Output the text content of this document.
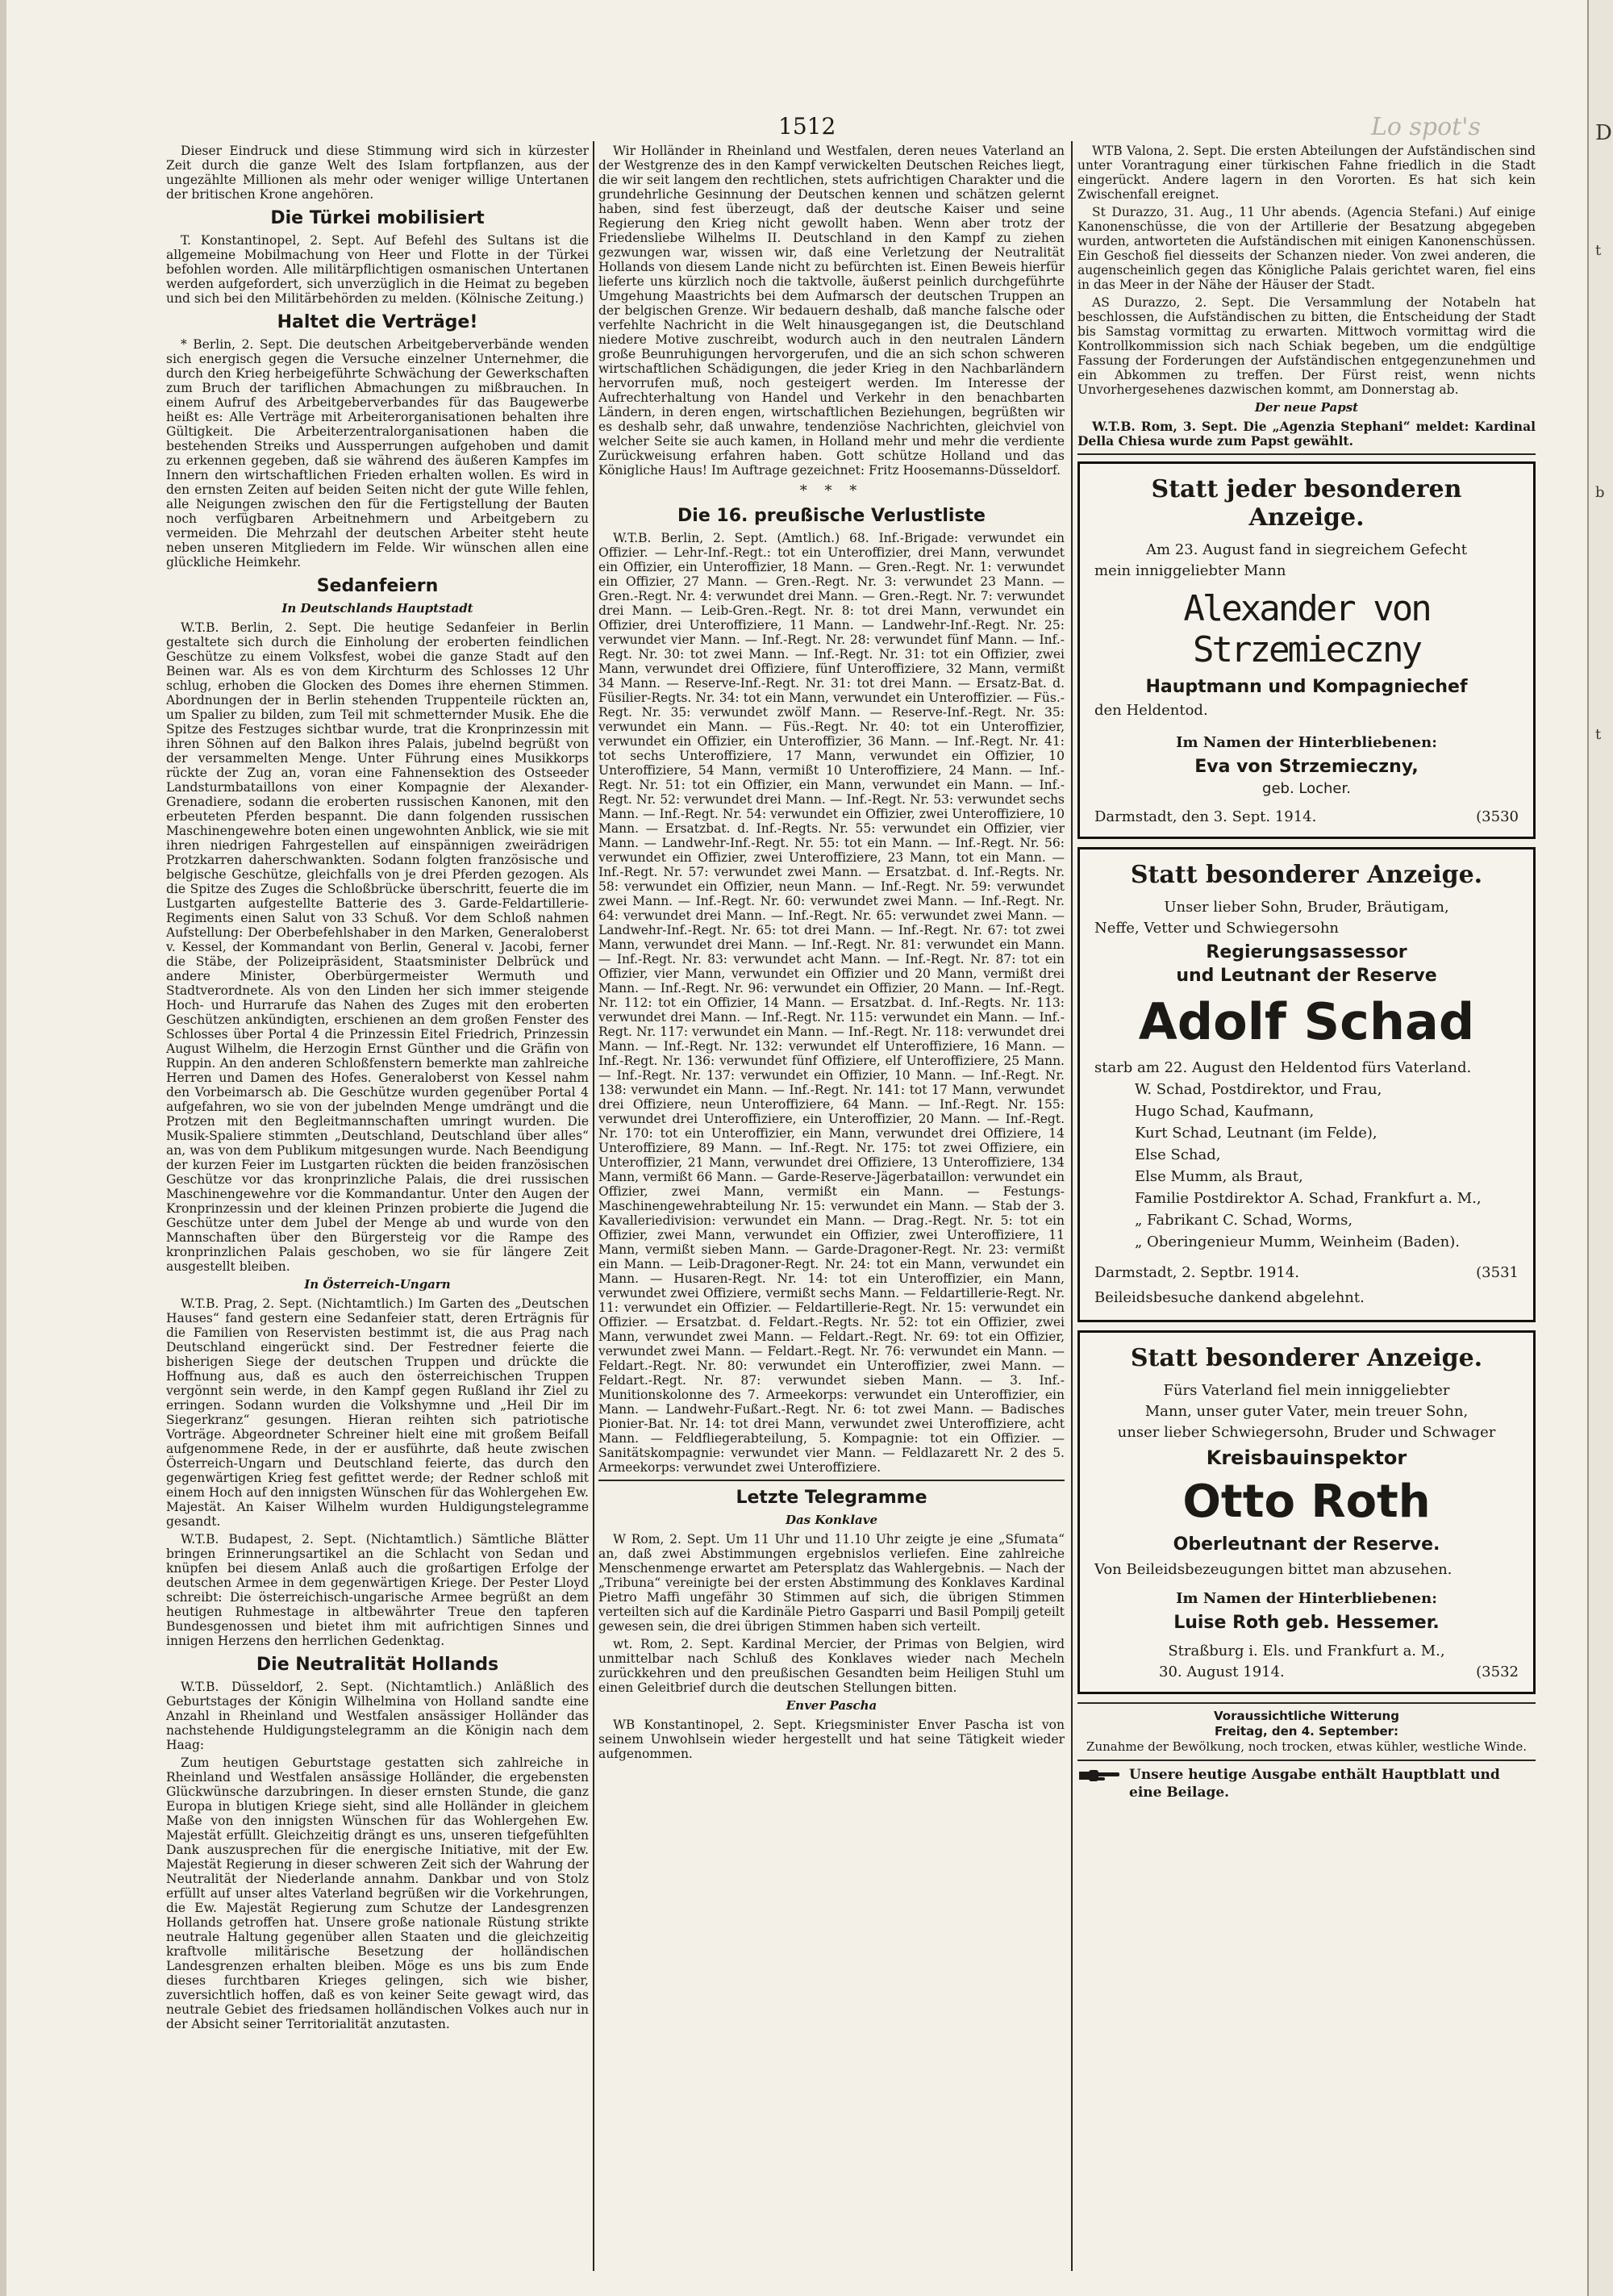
D
t
b
t
Lo spot's
1512

Dieser Eindruck und diese Stimmung wird sich in kürzester Zeit durch die ganze Welt des Islam fortpflanzen, aus der ungezählte Millionen als mehr oder weniger willige Untertanen der britischen Krone angehören.

Die Türkei mobilisiert

T. Konstantinopel, 2. Sept. Auf Befehl des Sultans ist die allgemeine Mobilmachung von Heer und Flotte in der Türkei befohlen worden. Alle militärpflichtigen osmanischen Untertanen werden aufgefordert, sich unverzüglich in die Heimat zu begeben und sich bei den Militärbehörden zu melden. (Kölnische Zeitung.)

Haltet die Verträge!

* Berlin, 2. Sept. Die deutschen Arbeitgeberverbände wenden sich energisch gegen die Versuche einzelner Unternehmer, die durch den Krieg herbeigeführte Schwächung der Gewerkschaften zum Bruch der tariflichen Abmachungen zu mißbrauchen. In einem Aufruf des Arbeitgeberverbandes für das Baugewerbe heißt es: Alle Verträge mit Arbeiterorganisationen behalten ihre Gültigkeit. Die Arbeiterzentralorganisationen haben die bestehenden Streiks und Aussperrungen aufgehoben und damit zu erkennen gegeben, daß sie während des äußeren Kampfes im Innern den wirtschaftlichen Frieden erhalten wollen. Es wird in den ernsten Zeiten auf beiden Seiten nicht der gute Wille fehlen, alle Neigungen zwischen den für die Fertigstellung der Bauten noch verfügbaren Arbeitnehmern und Arbeitgebern zu vermeiden. Die Mehrzahl der deutschen Arbeiter steht heute neben unseren Mitgliedern im Felde. Wir wünschen allen eine glückliche Heimkehr.

Sedanfeiern
In Deutschlands Hauptstadt

W.T.B. Berlin, 2. Sept. Die heutige Sedanfeier in Berlin gestaltete sich durch die Einholung der eroberten feindlichen Geschütze zu einem Volksfest, wobei die ganze Stadt auf den Beinen war. Als es von dem Kirchturm des Schlosses 12 Uhr schlug, erhoben die Glocken des Domes ihre ehernen Stimmen. Abordnungen der in Berlin stehenden Truppenteile rückten an, um Spalier zu bilden, zum Teil mit schmetternder Musik. Ehe die Spitze des Festzuges sichtbar wurde, trat die Kronprinzessin mit ihren Söhnen auf den Balkon ihres Palais, jubelnd begrüßt von der versammelten Menge. Unter Führung eines Musikkorps rückte der Zug an, voran eine Fahnensektion des Ostseeder Landsturmbataillons von einer Kompagnie der Alexander-Grenadiere, sodann die eroberten russischen Kanonen, mit den erbeuteten Pferden bespannt. Die dann folgenden russischen Maschinengewehre boten einen ungewohnten Anblick, wie sie mit ihren niedrigen Fahrgestellen auf einspännigen zweirädrigen Protzkarren daherschwankten. Sodann folgten französische und belgische Geschütze, gleichfalls von je drei Pferden gezogen. Als die Spitze des Zuges die Schloßbrücke überschritt, feuerte die im Lustgarten aufgestellte Batterie des 3. Garde-Feldartillerie-Regiments einen Salut von 33 Schuß. Vor dem Schloß nahmen Aufstellung: Der Oberbefehlshaber in den Marken, Generaloberst v. Kessel, der Kommandant von Berlin, General v. Jacobi, ferner die Stäbe, der Polizeipräsident, Staatsminister Delbrück und andere Minister, Oberbürgermeister Wermuth und Stadtverordnete. Als von den Linden her sich immer steigende Hoch- und Hurrarufe das Nahen des Zuges mit den eroberten Geschützen ankündigten, erschienen an dem großen Fenster des Schlosses über Portal 4 die Prinzessin Eitel Friedrich, Prinzessin August Wilhelm, die Herzogin Ernst Günther und die Gräfin von Ruppin. An den anderen Schloßfenstern bemerkte man zahlreiche Herren und Damen des Hofes. Generaloberst von Kessel nahm den Vorbeimarsch ab. Die Geschütze wurden gegenüber Portal 4 aufgefahren, wo sie von der jubelnden Menge umdrängt und die Protzen mit den Begleitmannschaften umringt wurden. Die Musik-Spaliere stimmten „Deutschland, Deutschland über alles“ an, was von dem Publikum mitgesungen wurde. Nach Beendigung der kurzen Feier im Lustgarten rückten die beiden französischen Geschütze vor das kronprinzliche Palais, die drei russischen Maschinengewehre vor die Kommandantur. Unter den Augen der Kronprinzessin und der kleinen Prinzen probierte die Jugend die Geschütze unter dem Jubel der Menge ab und wurde von den Mannschaften über den Bürgersteig vor die Rampe des kronprinzlichen Palais geschoben, wo sie für längere Zeit ausgestellt bleiben.

In Österreich-Ungarn

W.T.B. Prag, 2. Sept. (Nichtamtlich.) Im Garten des „Deutschen Hauses“ fand gestern eine Sedanfeier statt, deren Erträgnis für die Familien von Reservisten bestimmt ist, die aus Prag nach Deutschland eingerückt sind. Der Festredner feierte die bisherigen Siege der deutschen Truppen und drückte die Hoffnung aus, daß es auch den österreichischen Truppen vergönnt sein werde, in den Kampf gegen Rußland ihr Ziel zu erringen. Sodann wurden die Volkshymne und „Heil Dir im Siegerkranz“ gesungen. Hieran reihten sich patriotische Vorträge. Abgeordneter Schreiner hielt eine mit großem Beifall aufgenommene Rede, in der er ausführte, daß heute zwischen Österreich-Ungarn und Deutschland feierte, das durch den gegenwärtigen Krieg fest gefittet werde; der Redner schloß mit einem Hoch auf den innigsten Wünschen für das Wohlergehen Ew. Majestät. An Kaiser Wilhelm wurden Huldigungstelegramme gesandt.

W.T.B. Budapest, 2. Sept. (Nichtamtlich.) Sämtliche Blätter bringen Erinnerungsartikel an die Schlacht von Sedan und knüpfen bei diesem Anlaß auch die großartigen Erfolge der deutschen Armee in dem gegenwärtigen Kriege. Der Pester Lloyd schreibt: Die österreichisch-ungarische Armee begrüßt an dem heutigen Ruhmestage in altbewährter Treue den tapferen Bundesgenossen und bietet ihm mit aufrichtigen Sinnes und innigen Herzens den herrlichen Gedenktag.

Die Neutralität Hollands

W.T.B. Düsseldorf, 2. Sept. (Nichtamtlich.) Anläßlich des Geburtstages der Königin Wilhelmina von Holland sandte eine Anzahl in Rheinland und Westfalen ansässiger Holländer das nachstehende Huldigungstelegramm an die Königin nach dem Haag:

Zum heutigen Geburtstage gestatten sich zahlreiche in Rheinland und Westfalen ansässige Holländer, die ergebensten Glückwünsche darzubringen. In dieser ernsten Stunde, die ganz Europa in blutigen Kriege sieht, sind alle Holländer in gleichem Maße von den innigsten Wünschen für das Wohlergehen Ew. Majestät erfüllt. Gleichzeitig drängt es uns, unseren tiefgefühlten Dank auszusprechen für die energische Initiative, mit der Ew. Majestät Regierung in dieser schweren Zeit sich der Wahrung der Neutralität der Niederlande annahm. Dankbar und von Stolz erfüllt auf unser altes Vaterland begrüßen wir die Vorkehrungen, die Ew. Majestät Regierung zum Schutze der Landesgrenzen Hollands getroffen hat. Unsere große nationale Rüstung strikte neutrale Haltung gegenüber allen Staaten und die gleichzeitig kraftvolle militärische Besetzung der holländischen Landesgrenzen erhalten bleiben. Möge es uns bis zum Ende dieses furchtbaren Krieges gelingen, sich wie bisher, zuversichtlich hoffen, daß es von keiner Seite gewagt wird, das neutrale Gebiet des friedsamen holländischen Volkes auch nur in der Absicht seiner Territorialität anzutasten.

Wir Holländer in Rheinland und Westfalen, deren neues Vaterland an der Westgrenze des in den Kampf verwickelten Deutschen Reiches liegt, die wir seit langem den rechtlichen, stets aufrichtigen Charakter und die grundehrliche Gesinnung der Deutschen kennen und schätzen gelernt haben, sind fest überzeugt, daß der deutsche Kaiser und seine Regierung den Krieg nicht gewollt haben. Wenn aber trotz der Friedensliebe Wilhelms II. Deutschland in den Kampf zu ziehen gezwungen war, wissen wir, daß eine Verletzung der Neutralität Hollands von diesem Lande nicht zu befürchten ist. Einen Beweis hierfür lieferte uns kürzlich noch die taktvolle, äußerst peinlich durchgeführte Umgehung Maastrichts bei dem Aufmarsch der deutschen Truppen an der belgischen Grenze. Wir bedauern deshalb, daß manche falsche oder verfehlte Nachricht in die Welt hinausgegangen ist, die Deutschland niedere Motive zuschreibt, wodurch auch in den neutralen Ländern große Beunruhigungen hervorgerufen, und die an sich schon schweren wirtschaftlichen Schädigungen, die jeder Krieg in den Nachbarländern hervorrufen muß, noch gesteigert werden. Im Interesse der Aufrechterhaltung von Handel und Verkehr in den benachbarten Ländern, in deren engen, wirtschaftlichen Beziehungen, begrüßten wir es deshalb sehr, daß unwahre, tendenziöse Nachrichten, gleichviel von welcher Seite sie auch kamen, in Holland mehr und mehr die verdiente Zurückweisung erfahren haben. Gott schütze Holland und das Königliche Haus! Im Auftrage gezeichnet: Fritz Hoosemanns-Düsseldorf.

* * *
Die 16. preußische Verlustliste

W.T.B. Berlin, 2. Sept. (Amtlich.) 68. Inf.-Brigade: verwundet ein Offizier. — Lehr-Inf.-Regt.: tot ein Unteroffizier, drei Mann, verwundet ein Offizier, ein Unteroffizier, 18 Mann. — Gren.-Regt. Nr. 1: verwundet ein Offizier, 27 Mann. — Gren.-Regt. Nr. 3: verwundet 23 Mann. — Gren.-Regt. Nr. 4: verwundet drei Mann. — Gren.-Regt. Nr. 7: verwundet drei Mann. — Leib-Gren.-Regt. Nr. 8: tot drei Mann, verwundet ein Offizier, drei Unteroffiziere, 11 Mann. — Landwehr-Inf.-Regt. Nr. 25: verwundet vier Mann. — Inf.-Regt. Nr. 28: verwundet fünf Mann. — Inf.-Regt. Nr. 30: tot zwei Mann. — Inf.-Regt. Nr. 31: tot ein Offizier, zwei Mann, verwundet drei Offiziere, fünf Unteroffiziere, 32 Mann, vermißt 34 Mann. — Reserve-Inf.-Regt. Nr. 31: tot drei Mann. — Ersatz-Bat. d. Füsilier-Regts. Nr. 34: tot ein Mann, verwundet ein Unteroffizier. — Füs.-Regt. Nr. 35: verwundet zwölf Mann. — Reserve-Inf.-Regt. Nr. 35: verwundet ein Mann. — Füs.-Regt. Nr. 40: tot ein Unteroffizier, verwundet ein Offizier, ein Unteroffizier, 36 Mann. — Inf.-Regt. Nr. 41: tot sechs Unteroffiziere, 17 Mann, verwundet ein Offizier, 10 Unteroffiziere, 54 Mann, vermißt 10 Unteroffiziere, 24 Mann. — Inf.-Regt. Nr. 51: tot ein Offizier, ein Mann, verwundet ein Mann. — Inf.-Regt. Nr. 52: verwundet drei Mann. — Inf.-Regt. Nr. 53: verwundet sechs Mann. — Inf.-Regt. Nr. 54: verwundet ein Offizier, zwei Unteroffiziere, 10 Mann. — Ersatzbat. d. Inf.-Regts. Nr. 55: verwundet ein Offizier, vier Mann. — Landwehr-Inf.-Regt. Nr. 55: tot ein Mann. — Inf.-Regt. Nr. 56: verwundet ein Offizier, zwei Unteroffiziere, 23 Mann, tot ein Mann. — Inf.-Regt. Nr. 57: verwundet zwei Mann. — Ersatzbat. d. Inf.-Regts. Nr. 58: verwundet ein Offizier, neun Mann. — Inf.-Regt. Nr. 59: verwundet zwei Mann. — Inf.-Regt. Nr. 60: verwundet zwei Mann. — Inf.-Regt. Nr. 64: verwundet drei Mann. — Inf.-Regt. Nr. 65: verwundet zwei Mann. — Landwehr-Inf.-Regt. Nr. 65: tot drei Mann. — Inf.-Regt. Nr. 67: tot zwei Mann, verwundet drei Mann. — Inf.-Regt. Nr. 81: verwundet ein Mann. — Inf.-Regt. Nr. 83: verwundet acht Mann. — Inf.-Regt. Nr. 87: tot ein Offizier, vier Mann, verwundet ein Offizier und 20 Mann, vermißt drei Mann. — Inf.-Regt. Nr. 96: verwundet ein Offizier, 20 Mann. — Inf.-Regt. Nr. 112: tot ein Offizier, 14 Mann. — Ersatzbat. d. Inf.-Regts. Nr. 113: verwundet drei Mann. — Inf.-Regt. Nr. 115: verwundet ein Mann. — Inf.-Regt. Nr. 117: verwundet ein Mann. — Inf.-Regt. Nr. 118: verwundet drei Mann. — Inf.-Regt. Nr. 132: verwundet elf Unteroffiziere, 16 Mann. — Inf.-Regt. Nr. 136: verwundet fünf Offiziere, elf Unteroffiziere, 25 Mann. — Inf.-Regt. Nr. 137: verwundet ein Offizier, 10 Mann. — Inf.-Regt. Nr. 138: verwundet ein Mann. — Inf.-Regt. Nr. 141: tot 17 Mann, verwundet drei Offiziere, neun Unteroffiziere, 64 Mann. — Inf.-Regt. Nr. 155: verwundet drei Unteroffiziere, ein Unteroffizier, 20 Mann. — Inf.-Regt. Nr. 170: tot ein Unteroffizier, ein Mann, verwundet drei Offiziere, 14 Unteroffiziere, 89 Mann. — Inf.-Regt. Nr. 175: tot zwei Offiziere, ein Unteroffizier, 21 Mann, verwundet drei Offiziere, 13 Unteroffiziere, 134 Mann, vermißt 66 Mann. — Garde-Reserve-Jägerbataillon: verwundet ein Offizier, zwei Mann, vermißt ein Mann. — Festungs-Maschinengewehrabteilung Nr. 15: verwundet ein Mann. — Stab der 3. Kavalleriedivision: verwundet ein Mann. — Drag.-Regt. Nr. 5: tot ein Offizier, zwei Mann, verwundet ein Offizier, zwei Unteroffiziere, 11 Mann, vermißt sieben Mann. — Garde-Dragoner-Regt. Nr. 23: vermißt ein Mann. — Leib-Dragoner-Regt. Nr. 24: tot ein Mann, verwundet ein Mann. — Husaren-Regt. Nr. 14: tot ein Unteroffizier, ein Mann, verwundet zwei Offiziere, vermißt sechs Mann. — Feldartillerie-Regt. Nr. 11: verwundet ein Offizier. — Feldartillerie-Regt. Nr. 15: verwundet ein Offizier. — Ersatzbat. d. Feldart.-Regts. Nr. 52: tot ein Offizier, zwei Mann, verwundet zwei Mann. — Feldart.-Regt. Nr. 69: tot ein Offizier, verwundet zwei Mann. — Feldart.-Regt. Nr. 76: verwundet ein Mann. — Feldart.-Regt. Nr. 80: verwundet ein Unteroffizier, zwei Mann. — Feldart.-Regt. Nr. 87: verwundet sieben Mann. — 3. Inf.-Munitionskolonne des 7. Armeekorps: verwundet ein Unteroffizier, ein Mann. — Landwehr-Fußart.-Regt. Nr. 6: tot zwei Mann. — Badisches Pionier-Bat. Nr. 14: tot drei Mann, verwundet zwei Unteroffiziere, acht Mann. — Feldfliegerabteilung, 5. Kompagnie: tot ein Offizier. — Sanitätskompagnie: verwundet vier Mann. — Feldlazarett Nr. 2 des 5. Armeekorps: verwundet zwei Unteroffiziere.

Letzte Telegramme
Das Konklave

W Rom, 2. Sept. Um 11 Uhr und 11.10 Uhr zeigte je eine „Sfumata“ an, daß zwei Abstimmungen ergebnislos verliefen. Eine zahlreiche Menschenmenge erwartet am Petersplatz das Wahlergebnis. — Nach der „Tribuna“ vereinigte bei der ersten Abstimmung des Konklaves Kardinal Pietro Maffi ungefähr 30 Stimmen auf sich, die übrigen Stimmen verteilten sich auf die Kardinäle Pietro Gasparri und Basil Pompilj geteilt gewesen sein, die drei übrigen Stimmen haben sich verteilt.

wt. Rom, 2. Sept. Kardinal Mercier, der Primas von Belgien, wird unmittelbar nach Schluß des Konklaves wieder nach Mecheln zurückkehren und den preußischen Gesandten beim Heiligen Stuhl um einen Geleitbrief durch die deutschen Stellungen bitten.

Enver Pascha

WB Konstantinopel, 2. Sept. Kriegsminister Enver Pascha ist von seinem Unwohlsein wieder hergestellt und hat seine Tätigkeit wieder aufgenommen.

WTB Valona, 2. Sept. Die ersten Abteilungen der Aufständischen sind unter Vorantragung einer türkischen Fahne friedlich in die Stadt eingerückt. Andere lagern in den Vororten. Es hat sich kein Zwischenfall ereignet.

St Durazzo, 31. Aug., 11 Uhr abends. (Agencia Stefani.) Auf einige Kanonenschüsse, die von der Artillerie der Besatzung abgegeben wurden, antworteten die Aufständischen mit einigen Kanonenschüssen. Ein Geschoß fiel diesseits der Schanzen nieder. Von zwei anderen, die augenscheinlich gegen das Königliche Palais gerichtet waren, fiel eins in das Meer in der Nähe der Häuser der Stadt.

AS Durazzo, 2. Sept. Die Versammlung der Notabeln hat beschlossen, die Aufständischen zu bitten, die Entscheidung der Stadt bis Samstag vormittag zu erwarten. Mittwoch vormittag wird die Kontrollkommission sich nach Schiak begeben, um die endgültige Fassung der Forderungen der Aufständischen entgegenzunehmen und ein Abkommen zu treffen. Der Fürst reist, wenn nichts Unvorhergesehenes dazwischen kommt, am Donnerstag ab.

Der neue Papst

W.T.B. Rom, 3. Sept. Die „Agenzia Stephani“ meldet: Kardinal Della Chiesa wurde zum Papst gewählt.

Statt jeder besonderen Anzeige.

Am 23. August fand in siegreichem Gefecht

mein inniggeliebter Mann

Alexander von Strzemieczny
Hauptmann und Kompagniechef

den Heldentod.

Im Namen der Hinterbliebenen:

Eva von Strzemieczny,
geb. Locher.
Darmstadt, den 3. Sept. 1914.	(3530
Statt besonderer Anzeige.

Unser lieber Sohn, Bruder, Bräutigam,

Neffe, Vetter und Schwiegersohn

Regierungsassessor
und Leutnant der Reserve
Adolf Schad

starb am 22. August den Heldentod fürs Vaterland.

W. Schad, Postdirektor, und Frau,

Hugo Schad, Kaufmann,

Kurt Schad, Leutnant (im Felde),

Else Schad,

Else Mumm, als Braut,

Familie Postdirektor A. Schad, Frankfurt a. M.,

„ Fabrikant C. Schad, Worms,

„ Oberingenieur Mumm, Weinheim (Baden).

Darmstadt, 2. Septbr. 1914.	(3531

Beileidsbesuche dankend abgelehnt.

Statt besonderer Anzeige.

Fürs Vaterland fiel mein inniggeliebter

Mann, unser guter Vater, mein treuer Sohn,

unser lieber Schwiegersohn, Bruder und Schwager

Kreisbauinspektor
Otto Roth
Oberleutnant der Reserve.

Von Beileidsbezeugungen bittet man abzusehen.

Im Namen der Hinterbliebenen:

Luise Roth geb. Hessemer.

Straßburg i. Els. und Frankfurt a. M.,

30. August 1914.	(3532
Voraussichtliche Witterung
Freitag, den 4. September:
Zunahme der Bewölkung, noch trocken, etwas kühler, westliche Winde.
Unsere heutige Ausgabe enthält Hauptblatt und eine Beilage.
